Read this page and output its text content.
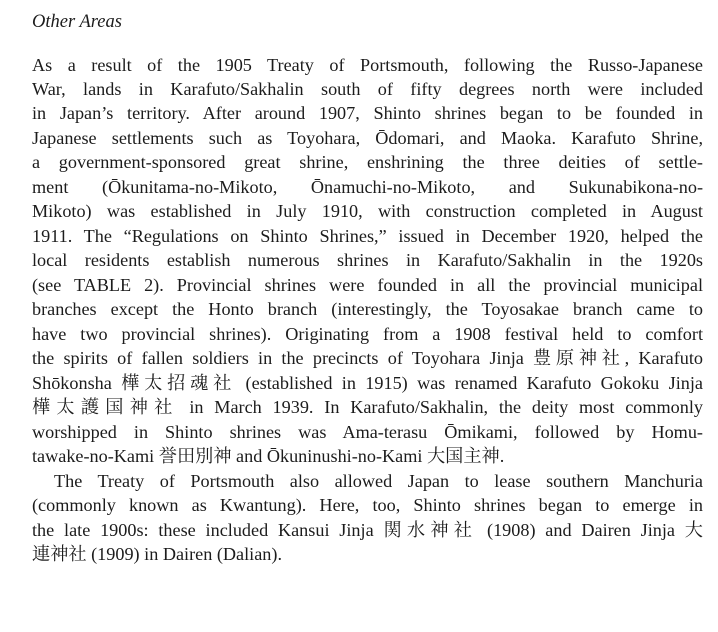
Other Areas
As a result of the 1905 Treaty of Portsmouth, following the Russo-Japanese
War, lands in Karafuto/Sakhalin south of fifty degrees north were included
in Japan’s territory. After around 1907, Shinto shrines began to be founded in
Japanese settlements such as Toyohara, Ōdomari, and Maoka. Karafuto Shrine,
a government-sponsored great shrine, enshrining the three deities of settle-
ment (Ōkunitama-no-Mikoto, Ōnamuchi-no-Mikoto, and Sukunabikona-no-
Mikoto) was established in July 1910, with construction completed in August
1911. The “Regulations on Shinto Shrines,” issued in December 1920, helped the
local residents establish numerous shrines in Karafuto/Sakhalin in the 1920s
(see TABLE 2). Provincial shrines were founded in all the provincial municipal
branches except the Honto branch (interestingly, the Toyosakae branch came to
have two provincial shrines). Originating from a 1908 festival held to comfort
the spirits of fallen soldiers in the precincts of Toyohara Jinja 豊原神社, Karafuto
Shōkonsha 樺太招魂社 (established in 1915) was renamed Karafuto Gokoku Jinja
樺太護国神社 in March 1939. In Karafuto/Sakhalin, the deity most commonly
worshipped in Shinto shrines was Ama-terasu Ōmikami, followed by Homu-
tawake-no-Kami 誉田別神 and Ōkuninushi-no-Kami 大国主神.
The Treaty of Portsmouth also allowed Japan to lease southern Manchuria
(commonly known as Kwantung). Here, too, Shinto shrines began to emerge in
the late 1900s: these included Kansui Jinja 関水神社 (1908) and Dairen Jinja 大
連神社 (1909) in Dairen (Dalian).
